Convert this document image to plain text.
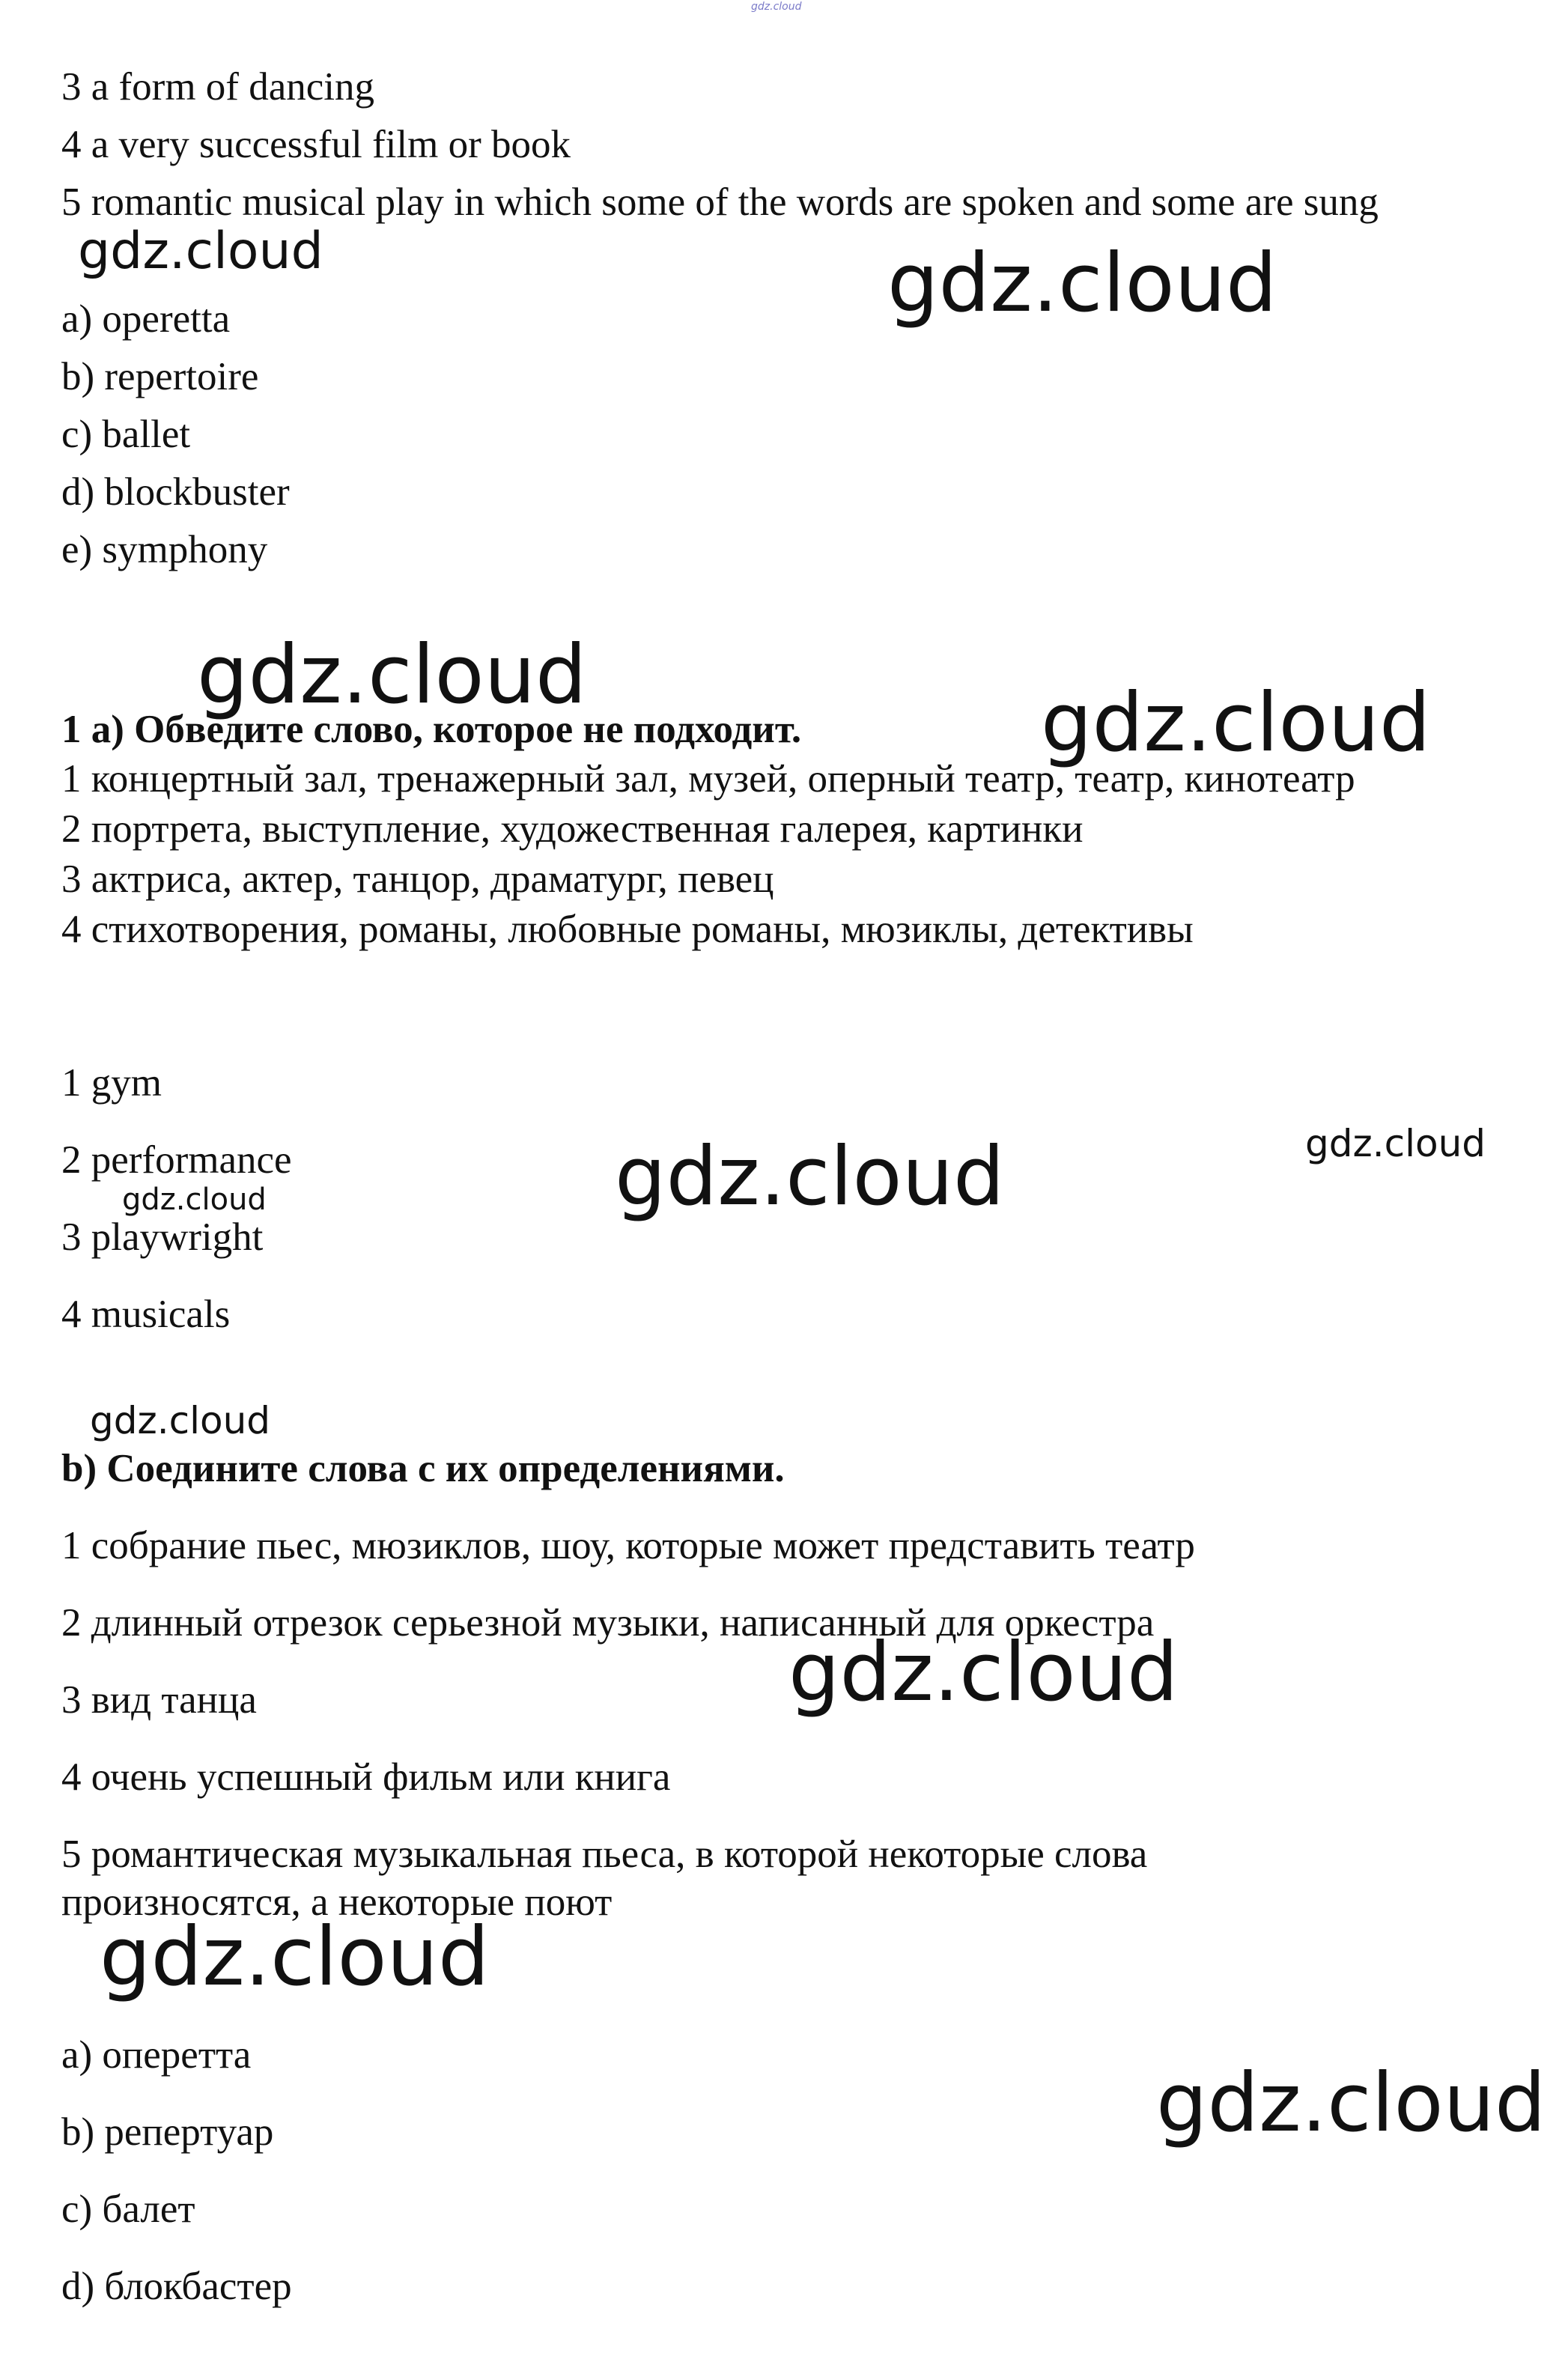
gdz.cloud
3 a form of dancing
4 a very successful film or book
5 romantic musical play in which some of the words are spoken and some are sung
a) operetta
b) repertoire
c) ballet
d) blockbuster
e) symphony
1 а) Обведите слово, которое не подходит.
1 концертный зал, тренажерный зал, музей, оперный театр, театр, кинотеатр
2 портрета, выступление, художественная галерея, картинки
3 актриса, актер, танцор, драматург, певец
4 стихотворения, романы, любовные романы, мюзиклы, детективы
1 gym
2 performance
3 playwright
4 musicals
b) Соедините слова с их определениями.
1 собрание пьес, мюзиклов, шоу, которые может представить театр
2 длинный отрезок серьезной музыки, написанный для оркестра
3 вид танца
4 очень успешный фильм или книга
5 романтическая музыкальная пьеса, в которой некоторые слова произносятся, а некоторые поют
а) оперетта
b) репертуар
c) балет
d) блокбастер
gdz.cloud	gdz.cloud
gdz.cloud
gdz.cloud
gdz.cloud
gdz.cloud
gdz.cloud
gdz.cloud
gdz.cloud
gdz.cloud
gdz.cloud
